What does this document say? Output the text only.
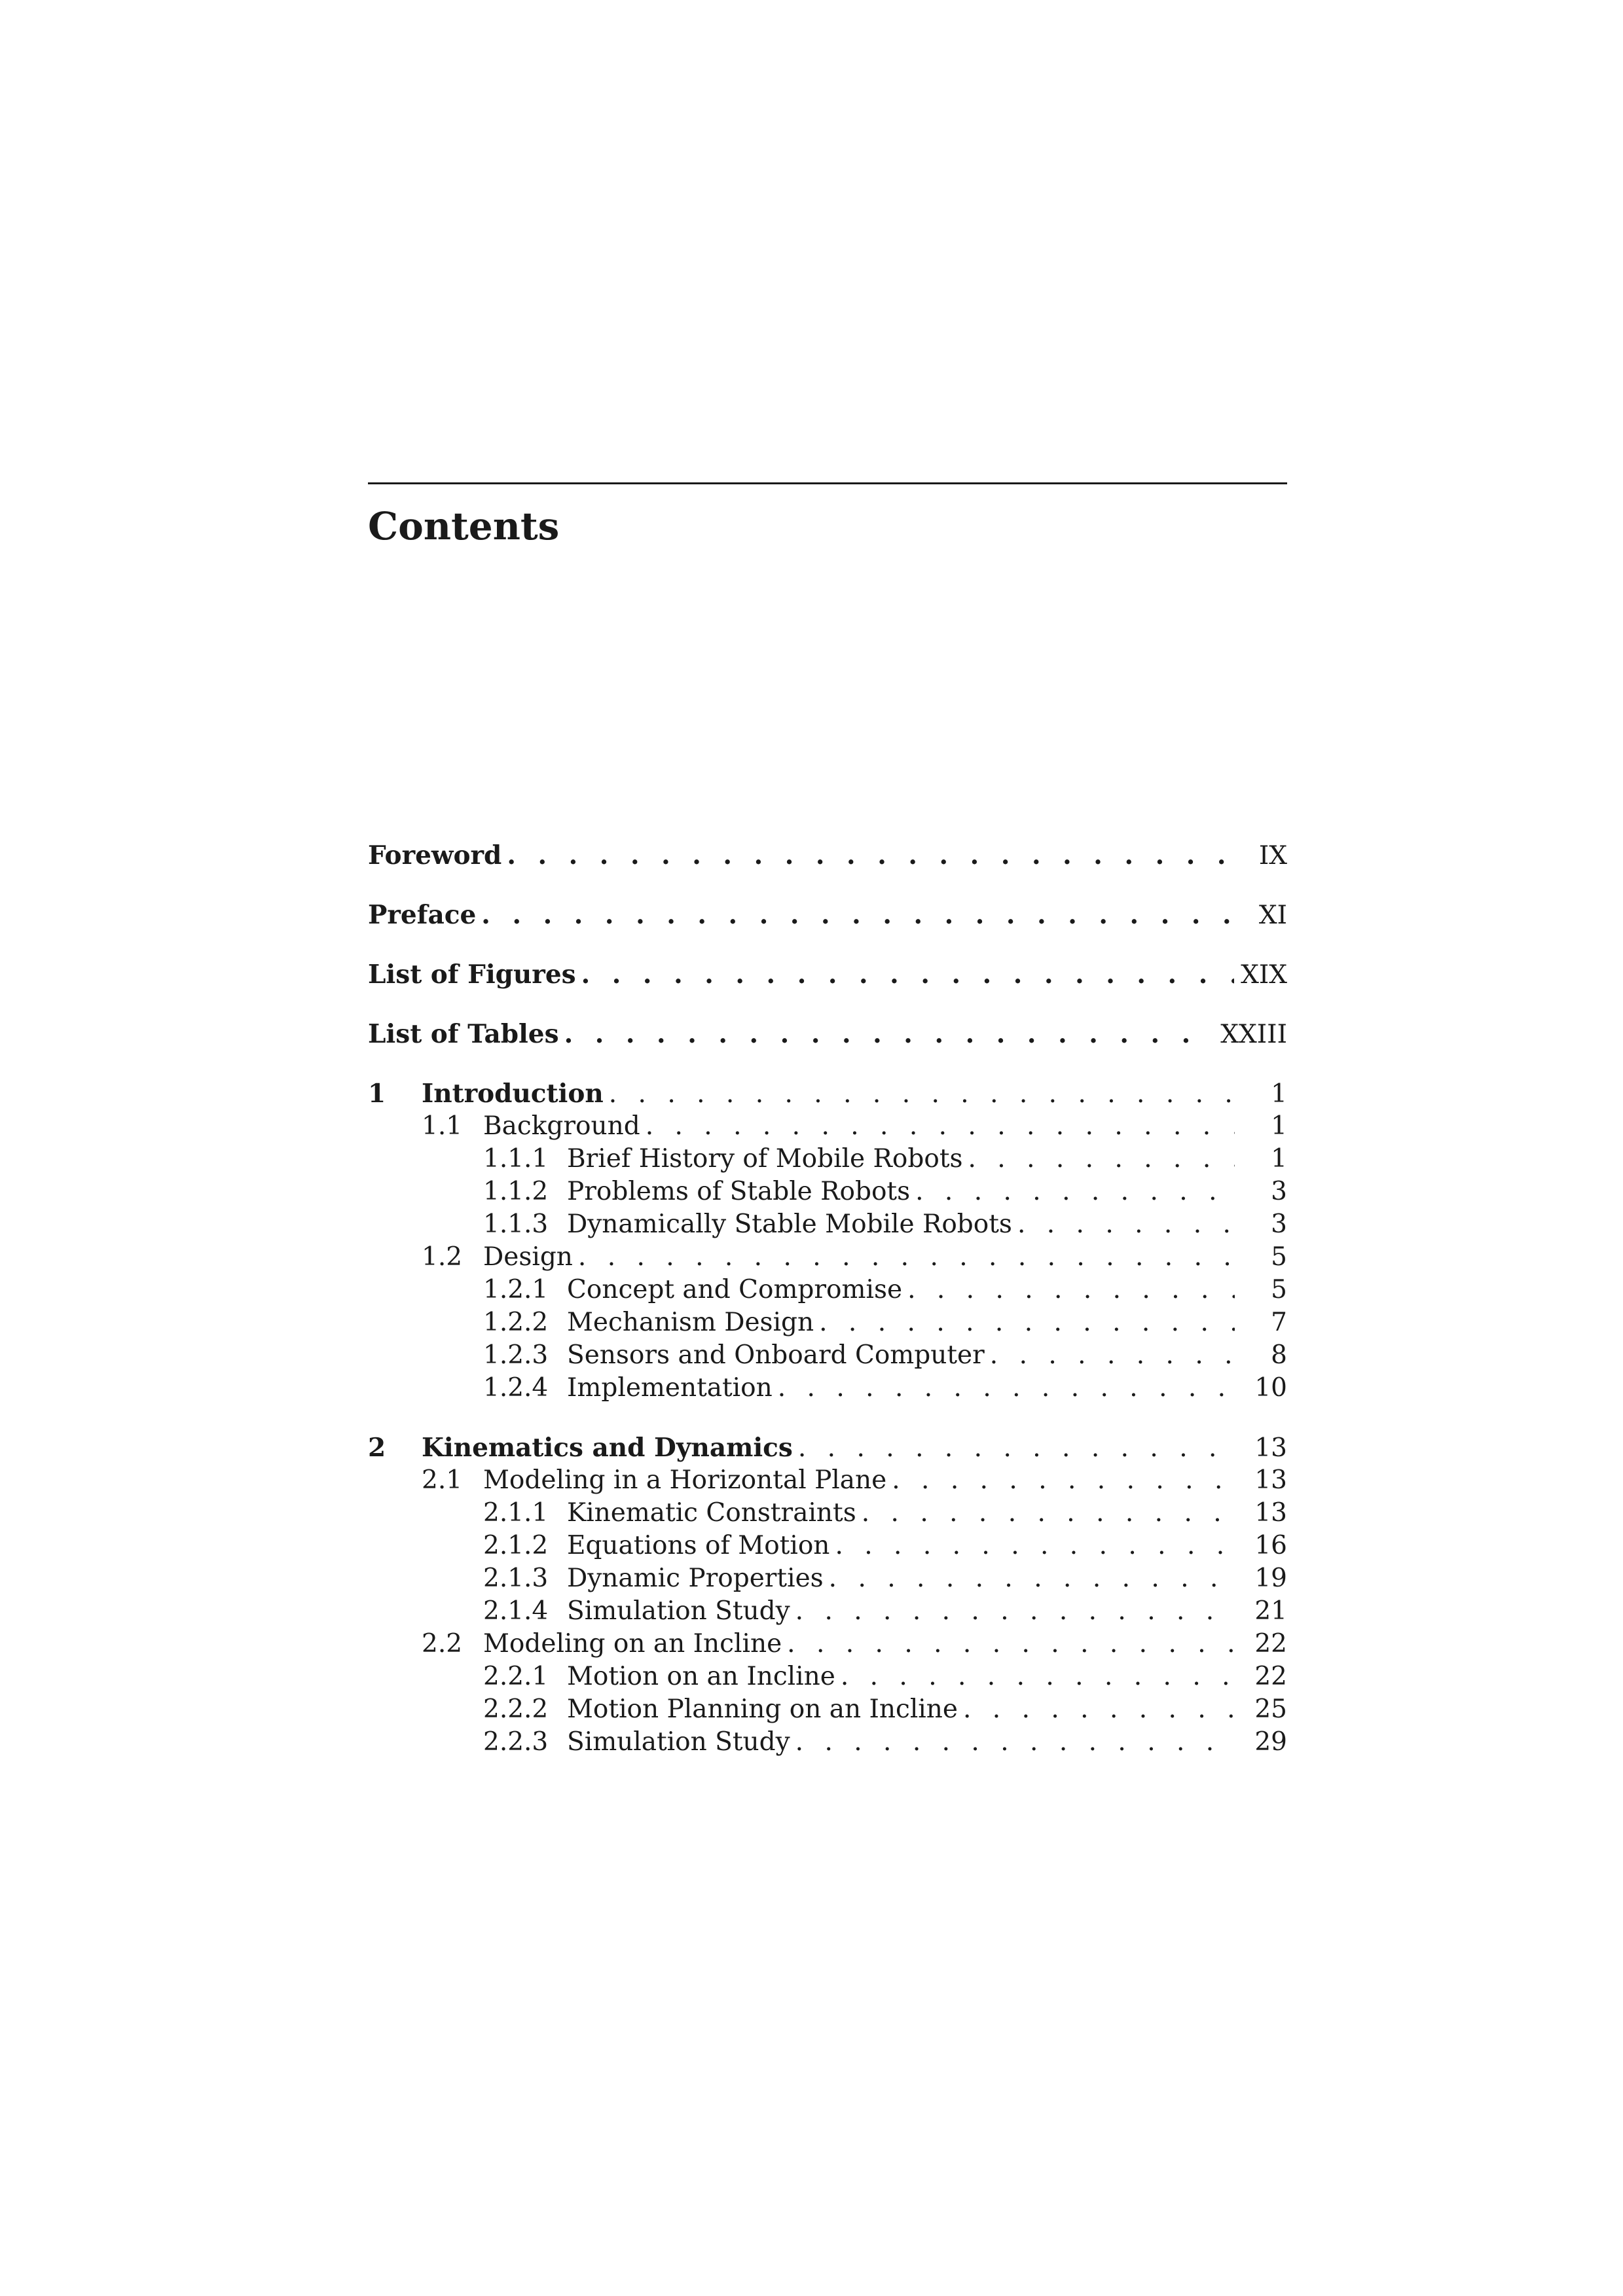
Contents
Foreword . . .	IX
Preface . . .	XI
List of Figures . . .	XIX
List of Tables . . .	XXIII
1	Introduction . . .	1
1.1 Background . . .	1
1.1.1 Brief History of Mobile Robots . . .	1
1.1.2 Problems of Stable Robots . . .	3
1.1.3 Dynamically Stable Mobile Robots . . .	3
1.2 Design . . .	5
1.2.1 Concept and Compromise . . .	5
1.2.2 Mechanism Design . . .	7
1.2.3 Sensors and Onboard Computer . . .	8
1.2.4 Implementation . . .	10
2	Kinematics and Dynamics . . .	13
2.1 Modeling in a Horizontal Plane . . .	13
2.1.1 Kinematic Constraints . . .	13
2.1.2 Equations of Motion . . .	16
2.1.3 Dynamic Properties . . .	19
2.1.4 Simulation Study . . .	21
2.2 Modeling on an Incline . . .	22
2.2.1 Motion on an Incline . . .	22
2.2.2 Motion Planning on an Incline . . .	25
2.2.3 Simulation Study . . .	29
